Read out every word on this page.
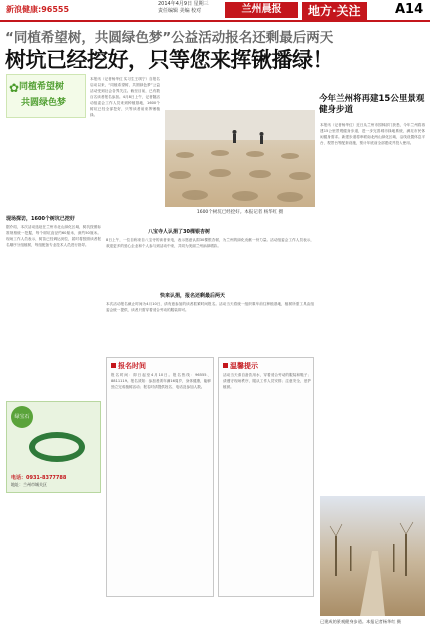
新浪健康:96555
2014年4月9日 星期三
责任编辑 美编 校对	兰州晨报	地方·关注	A14
“同植希望树，共圆绿色梦”公益活动报名还剩最后两天
树坑已经挖好，只等您来挥锹播绿！
✿ 同植希望树
共圆绿色梦
本报讯（记者杨华红 实习生王琪宁）自报名启动以来，“同植希望树，共圆绿色梦”公益活动受到社会各界关注。截至目前，已有数百名读者报名参加。4月8日上午，记者随活动组委会工作人员来到种植基地，1600个树坑已经全部挖好，只等读者前来挥锹植绿。
1600个树坑已经挖好。本报记者 杨华红 摄
现场探访，1600个树坑已挖好
据介绍，本次活动选址在兰州市北山绿化区域，树坑按照标准规格统一挖掘，每个树坑直径约60厘米，深约50厘米。现场工作人员表示，树苗已经调运到位，届时将按照读者报名顺序分组植树，每组配备专业技术人员进行指导。
八宝寺人认捐了30棵银杏树
8日上午，一位自称来自八宝寺的读者来电，表示愿意认捐30棵银杏树，为兰州的绿化贡献一份力量。活动组委会工作人员表示，欢迎更多的爱心企业和个人参与到活动中来，共同为美丽兰州添绿增彩。
快来认捐，报名还剩最后两天
本次活动报名截止时间为4月10日，请有意参加的读者抓紧时间报名。活动当天将统一组织乘车前往种植基地，植树所需工具由组委会统一提供，读者只需穿着适合劳动的服装即可。
报名时间
报名时间：即日起至4月10日。报名热线：96555、8811119。报名须知：参加者须年满16周岁，身体健康，能够独立完成植树活动；报名时请提供姓名、电话及参加人数。
温馨提示
活动当天请自备饮用水，穿着适合劳动的服装和鞋子；请遵守现场秩序，服从工作人员安排；注意安全，爱护植被。
绿宝石
电话：0931-8377788
地址：兰州市城关区
今年兰州将再建15公里景观健身步道
本报讯（记者杨华红）近日从兰州市园林部门获悉，今年兰州将再建15公里景观健身步道，进一步完善城市绿地系统，满足市民休闲健身需求。新建步道将串联南北两山绿化区域，沿线设置休息平台、观景台等配套设施，预计年底前全部建成并投入使用。
已建成的景观健身步道。本报记者杨华红 摄
